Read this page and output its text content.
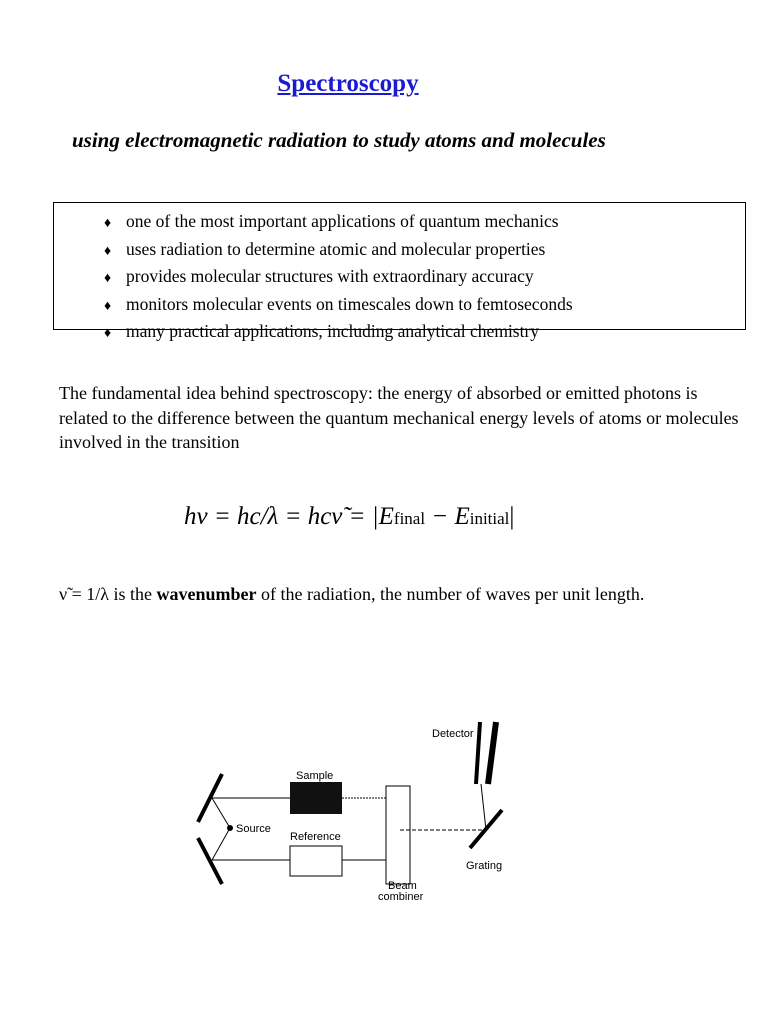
Spectroscopy
using electromagnetic radiation to study atoms and molecules
♦ one of the most important applications of quantum mechanics
♦ uses radiation to determine atomic and molecular properties
♦ provides molecular structures with extraordinary accuracy
♦ monitors molecular events on timescales down to femtoseconds
♦ many practical applications, including analytical chemistry
The fundamental idea behind spectroscopy: the energy of absorbed or emitted photons is related to the difference between the quantum mechanical energy levels of atoms or molecules involved in the transition
hν = hc/λ = hcν̃ = |Efinal − Einitial|
ν̃ = 1/λ is the wavenumber of the radiation, the number of waves per unit length.
Detector
Sample
Source
Reference
Grating
Beam
combiner
